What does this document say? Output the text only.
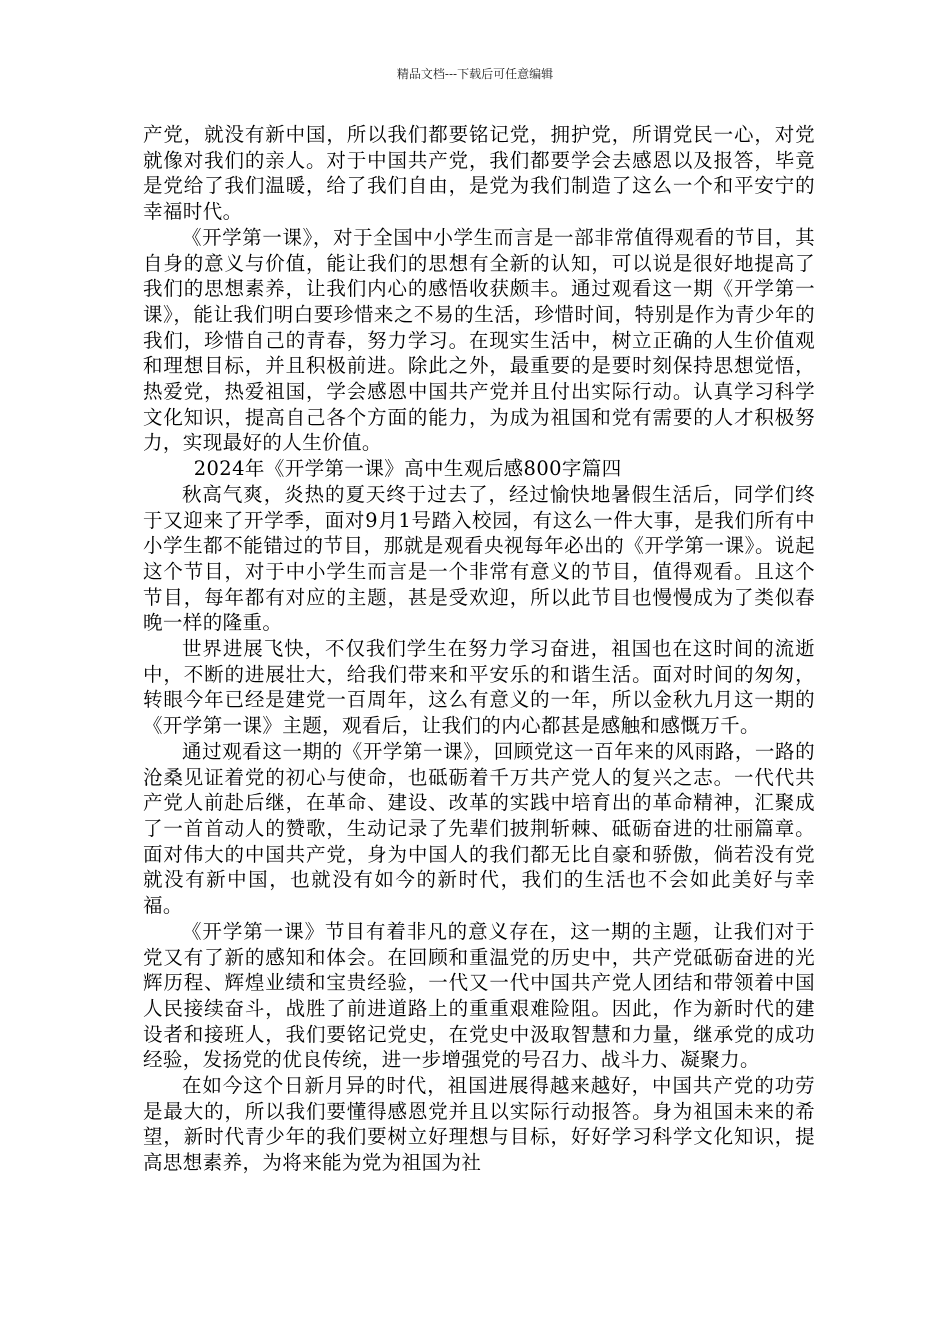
精品文档---下载后可任意编辑

产党，就没有新中国，所以我们都要铭记党，拥护党，所谓党民一心，对党就像对我们的亲人。对于中国共产党，我们都要学会去感恩以及报答，毕竟是党给了我们温暖，给了我们自由，是党为我们制造了这么一个和平安宁的幸福时代。

《开学第一课》，对于全国中小学生而言是一部非常值得观看的节目，其自身的意义与价值，能让我们的思想有全新的认知，可以说是很好地提高了我们的思想素养，让我们内心的感悟收获颇丰。通过观看这一期《开学第一课》，能让我们明白要珍惜来之不易的生活，珍惜时间，特别是作为青少年的我们，珍惜自己的青春，努力学习。在现实生活中，树立正确的人生价值观和理想目标，并且积极前进。除此之外，最重要的是要时刻保持思想觉悟，热爱党，热爱祖国，学会感恩中国共产党并且付出实际行动。认真学习科学文化知识，提高自己各个方面的能力，为成为祖国和党有需要的人才积极努力，实现最好的人生价值。

2024年《开学第一课》高中生观后感800字篇四

秋高气爽，炎热的夏天终于过去了，经过愉快地暑假生活后，同学们终于又迎来了开学季，面对9月1号踏入校园，有这么一件大事，是我们所有中小学生都不能错过的节目，那就是观看央视每年必出的《开学第一课》。说起这个节目，对于中小学生而言是一个非常有意义的节目，值得观看。且这个节目，每年都有对应的主题，甚是受欢迎，所以此节目也慢慢成为了类似春晚一样的隆重。

世界进展飞快，不仅我们学生在努力学习奋进，祖国也在这时间的流逝中，不断的进展壮大，给我们带来和平安乐的和谐生活。面对时间的匆匆，转眼今年已经是建党一百周年，这么有意义的一年，所以金秋九月这一期的《开学第一课》主题，观看后，让我们的内心都甚是感触和感慨万千。

通过观看这一期的《开学第一课》，回顾党这一百年来的风雨路，一路的沧桑见证着党的初心与使命，也砥砺着千万共产党人的复兴之志。一代代共产党人前赴后继，在革命、建设、改革的实践中培育出的革命精神，汇聚成了一首首动人的赞歌，生动记录了先辈们披荆斩棘、砥砺奋进的壮丽篇章。面对伟大的中国共产党，身为中国人的我们都无比自豪和骄傲，倘若没有党就没有新中国，也就没有如今的新时代，我们的生活也不会如此美好与幸福。

《开学第一课》节目有着非凡的意义存在，这一期的主题，让我们对于党又有了新的感知和体会。在回顾和重温党的历史中，共产党砥砺奋进的光辉历程、辉煌业绩和宝贵经验，一代又一代中国共产党人团结和带领着中国人民接续奋斗，战胜了前进道路上的重重艰难险阻。因此，作为新时代的建设者和接班人，我们要铭记党史，在党史中汲取智慧和力量，继承党的成功经验，发扬党的优良传统，进一步增强党的号召力、战斗力、凝聚力。

在如今这个日新月异的时代，祖国进展得越来越好，中国共产党的功劳是最大的，所以我们要懂得感恩党并且以实际行动报答。身为祖国未来的希望，新时代青少年的我们要树立好理想与目标，好好学习科学文化知识，提高思想素养，为将来能为党为祖国为社
